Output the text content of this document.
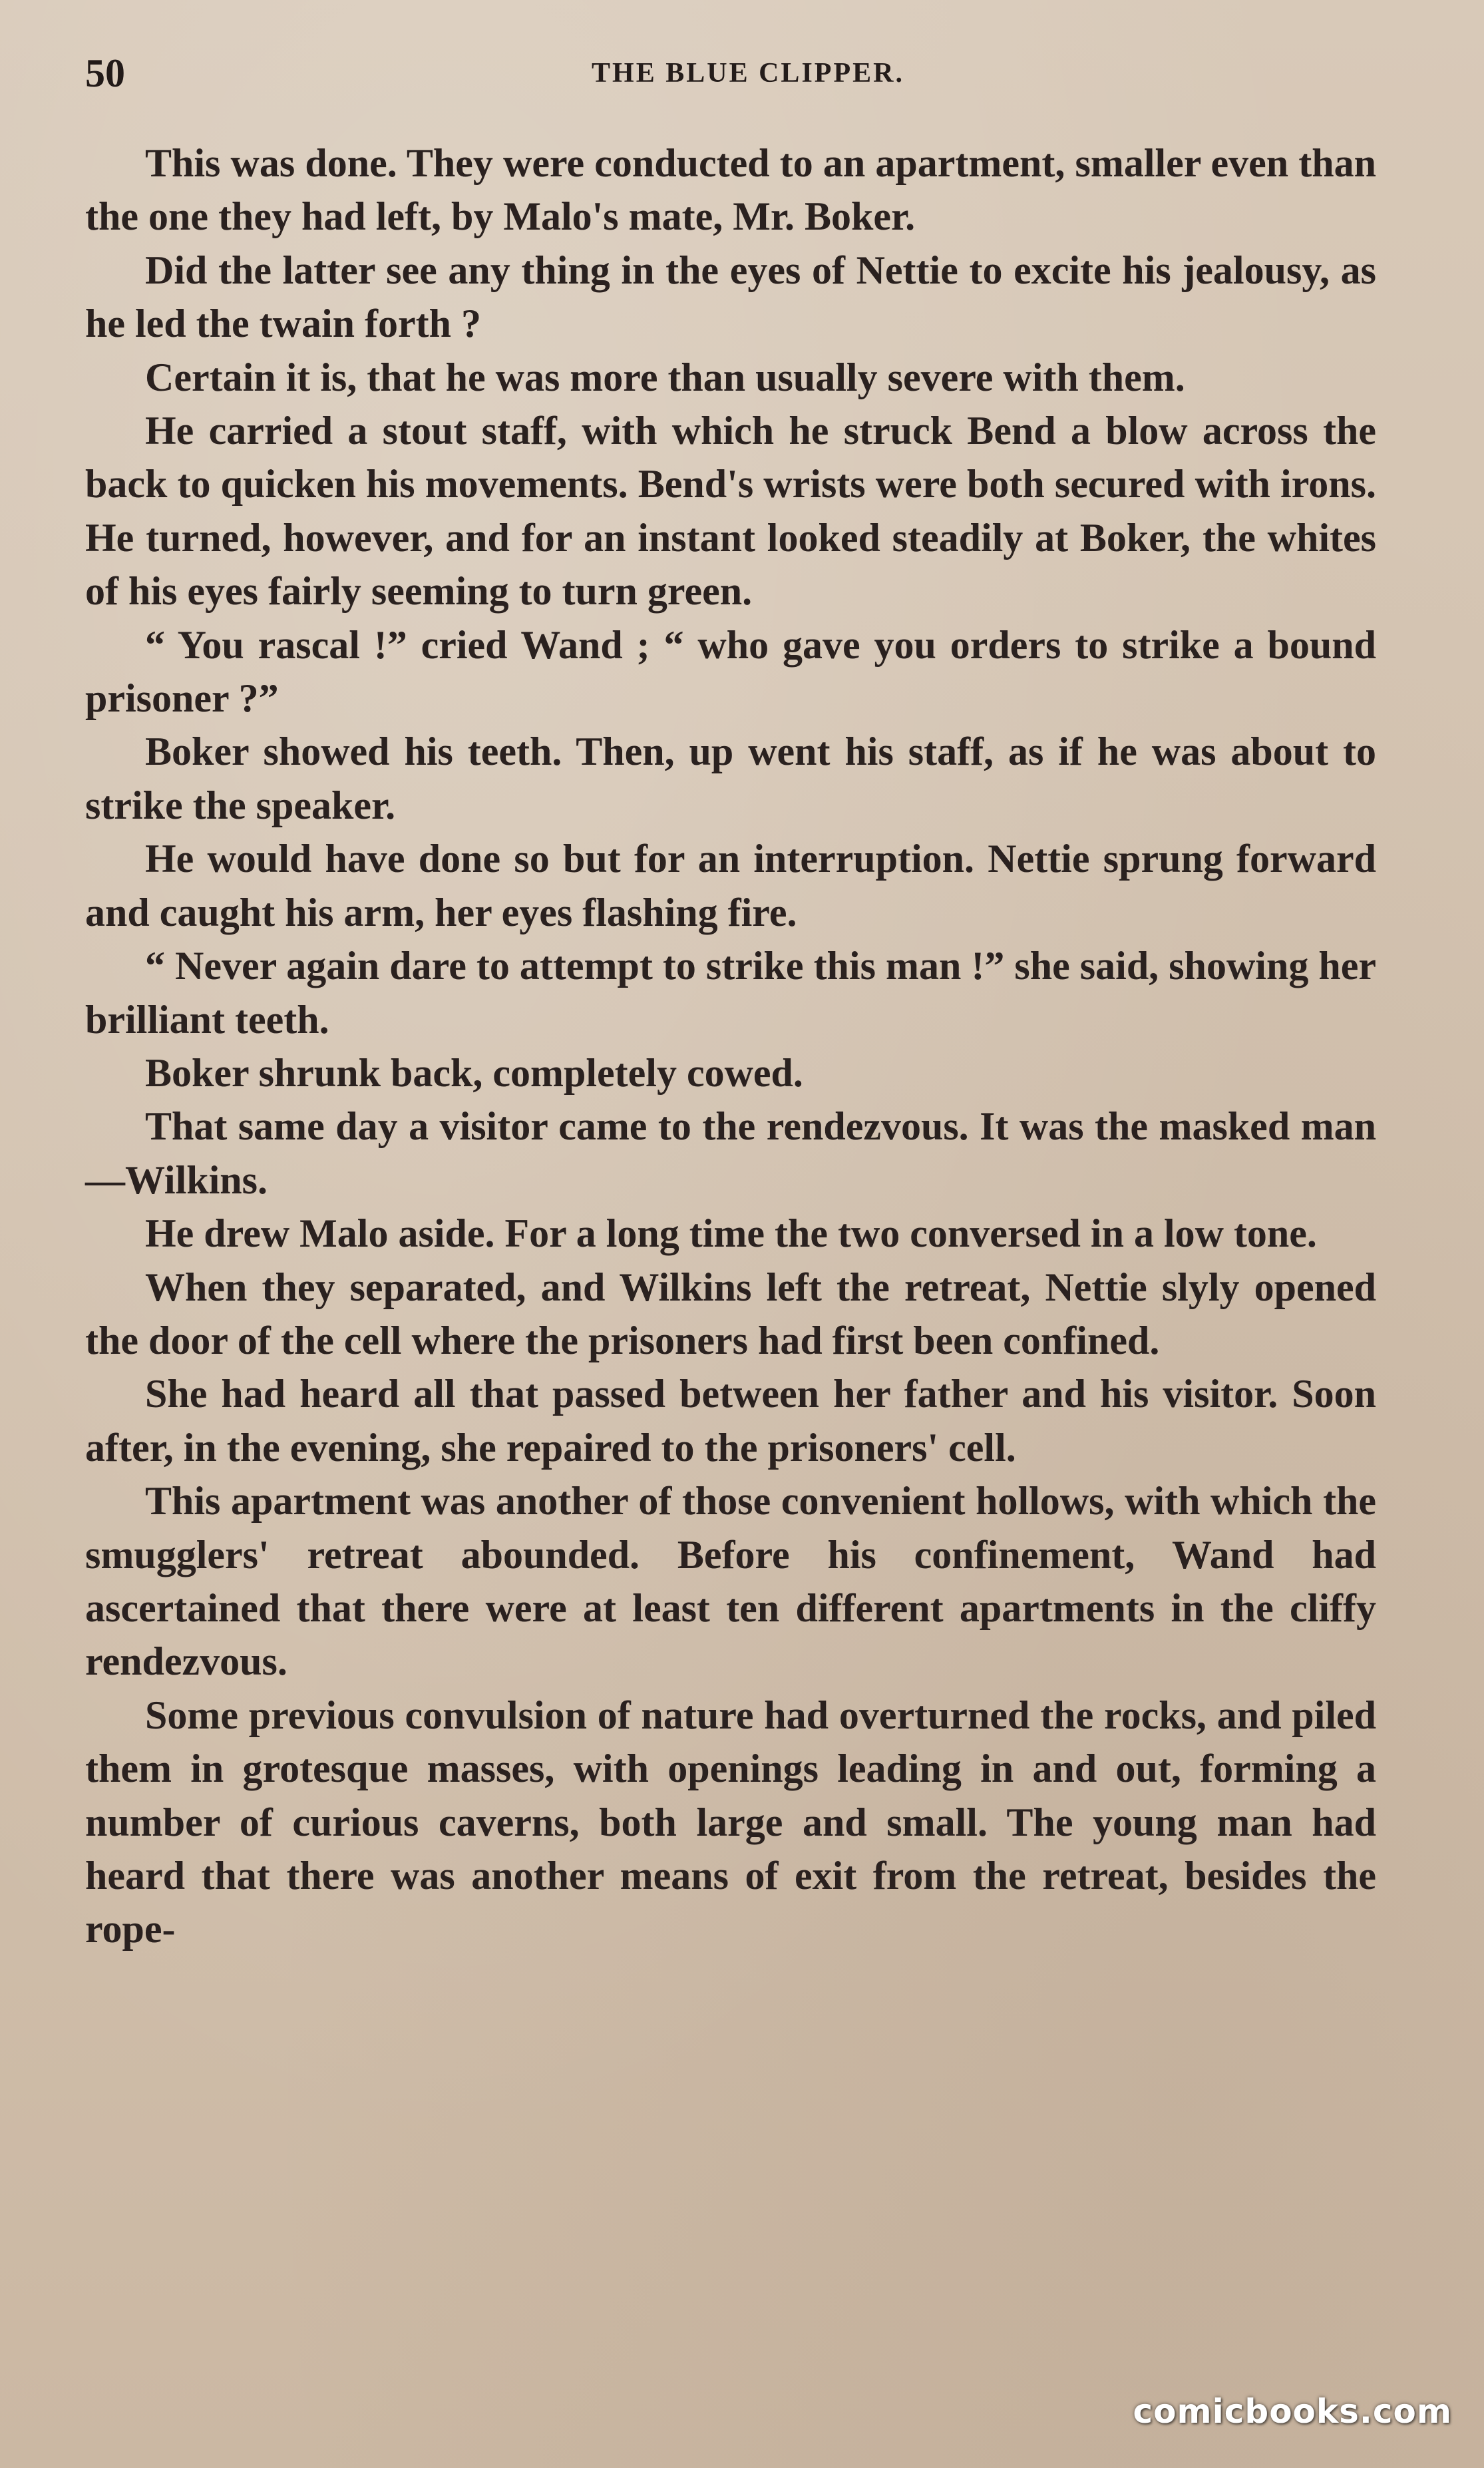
50	THE BLUE CLIPPER.

This was done. They were conducted to an apartment, smaller even than the one they had left, by Malo's mate, Mr. Boker.

Did the latter see any thing in the eyes of Nettie to excite his jealousy, as he led the twain forth ?

Certain it is, that he was more than usually severe with them.

He carried a stout staff, with which he struck Bend a blow across the back to quicken his movements. Bend's wrists were both secured with irons. He turned, however, and for an instant looked steadily at Boker, the whites of his eyes fairly seeming to turn green.

“ You rascal !” cried Wand ; “ who gave you orders to strike a bound prisoner ?”

Boker showed his teeth. Then, up went his staff, as if he was about to strike the speaker.

He would have done so but for an interruption. Nettie sprung forward and caught his arm, her eyes flashing fire.

“ Never again dare to attempt to strike this man !” she said, showing her brilliant teeth.

Boker shrunk back, completely cowed.

That same day a visitor came to the rendezvous. It was the masked man—Wilkins.

He drew Malo aside. For a long time the two conversed in a low tone.

When they separated, and Wilkins left the retreat, Nettie slyly opened the door of the cell where the prisoners had first been confined.

She had heard all that passed between her father and his visitor. Soon after, in the evening, she repaired to the prisoners' cell.

This apartment was another of those convenient hollows, with which the smugglers' retreat abounded. Before his confinement, Wand had ascertained that there were at least ten different apartments in the cliffy rendezvous.

Some previous convulsion of nature had overturned the rocks, and piled them in grotesque masses, with openings leading in and out, forming a number of curious caverns, both large and small. The young man had heard that there was another means of exit from the retreat, besides the rope-

comicbooks.com
